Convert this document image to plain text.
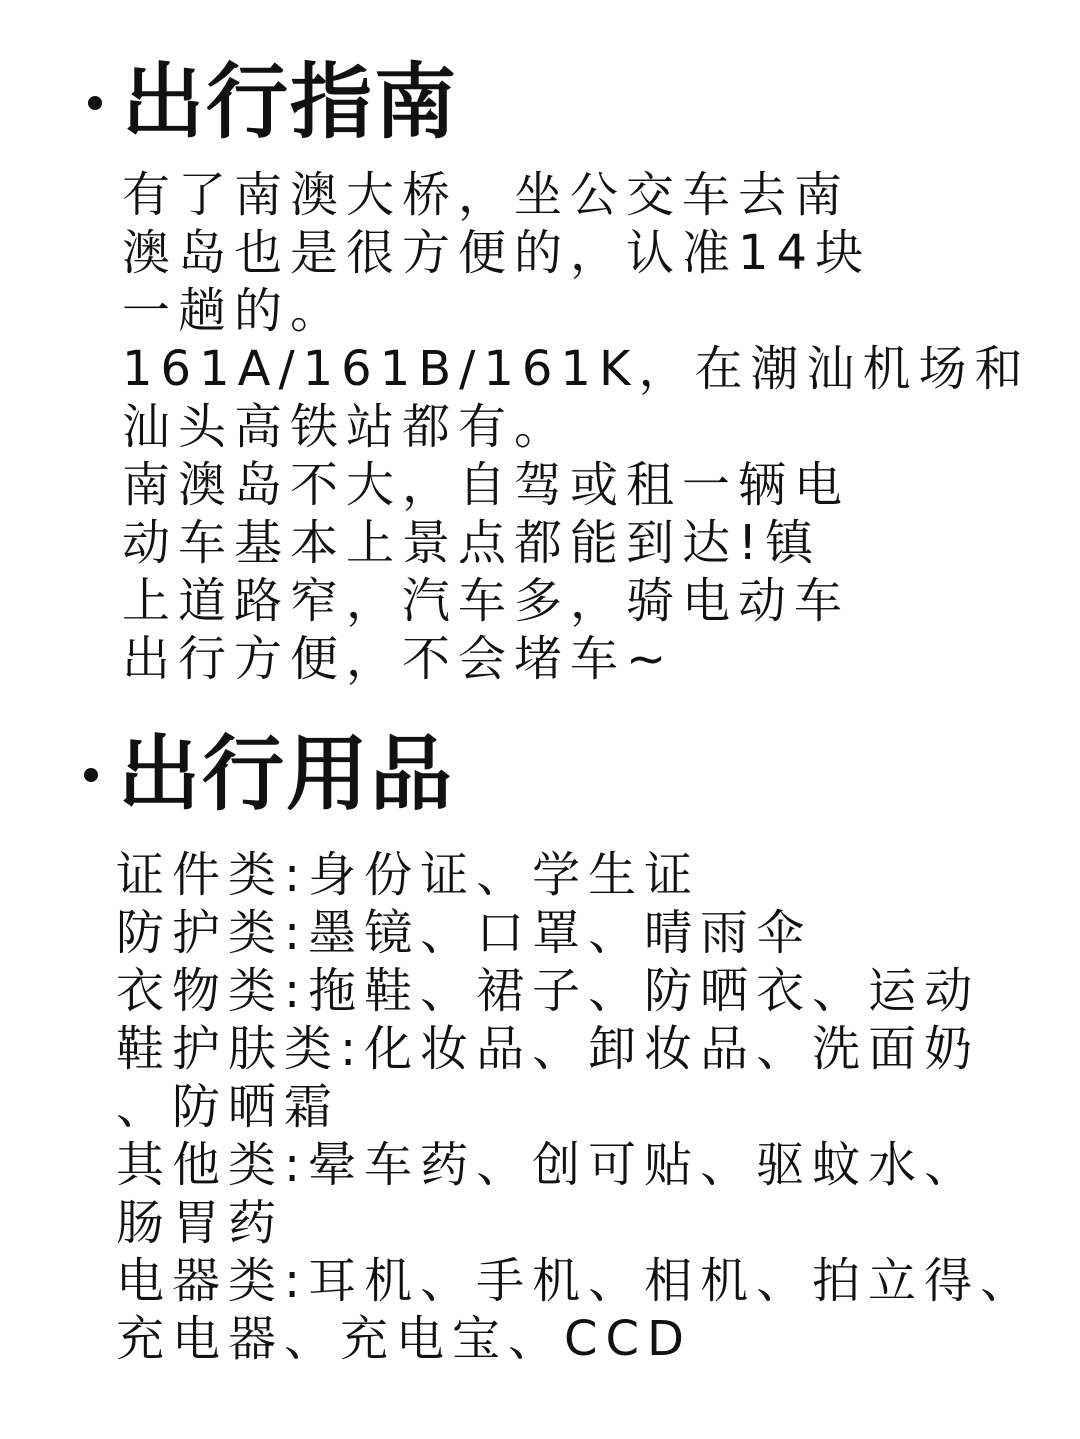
出行指南
有了南澳大桥，坐公交车去南
澳岛也是很方便的，认准14块
一趟的。
161A/161B/161K，在潮汕机场和
汕头高铁站都有。
南澳岛不大，自驾或租一辆电
动车基本上景点都能到达!镇
上道路窄，汽车多，骑电动车
出行方便，不会堵车~
出行用品
证件类:身份证、学生证
防护类:墨镜、口罩、晴雨伞
衣物类:拖鞋、裙子、防晒衣、运动
鞋护肤类:化妆品、卸妆品、洗面奶
、防晒霜
其他类:晕车药、创可贴、驱蚊水、
肠胃药
电器类:耳机、手机、相机、拍立得、
充电器、充电宝、CCD
